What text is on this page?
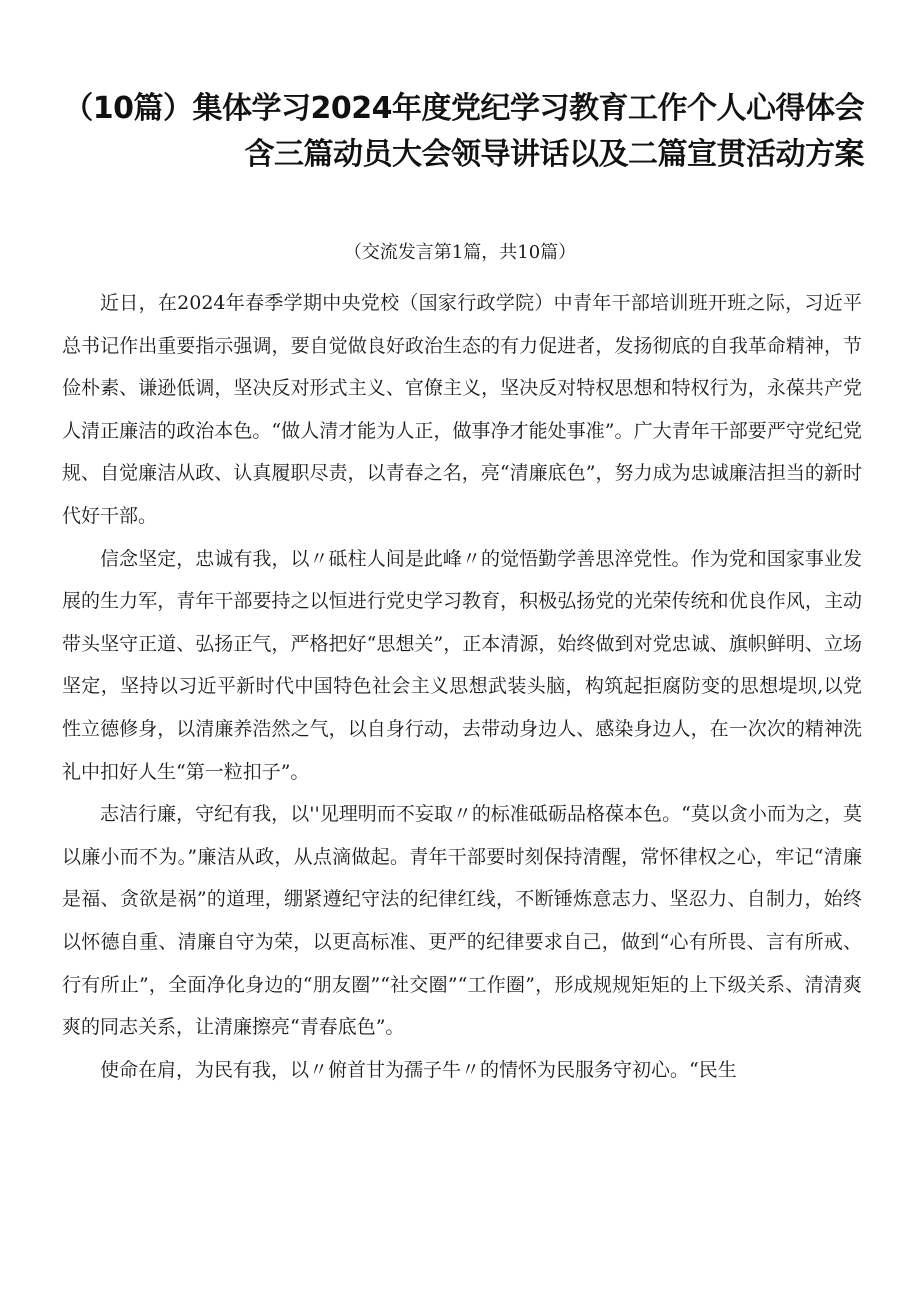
（10篇）集体学习2024年度党纪学习教育工作个人心得体会
含三篇动员大会领导讲话以及二篇宣贯活动方案
（交流发言第1篇，共10篇）

近日，在2024年春季学期中央党校（国家行政学院）中青年干部培训班开班之际，习近平总书记作出重要指示强调，要自觉做良好政治生态的有力促进者，发扬彻底的自我革命精神，节俭朴素、谦逊低调，坚决反对形式主义、官僚主义，坚决反对特权思想和特权行为，永葆共产党人清正廉洁的政治本色。“做人清才能为人正，做事净才能处事准”。广大青年干部要严守党纪党规、自觉廉洁从政、认真履职尽责，以青春之名，亮“清廉底色”，努力成为忠诚廉洁担当的新时代好干部。

信念坚定，忠诚有我，以〃砥柱人间是此峰〃的觉悟勤学善思淬党性。作为党和国家事业发展的生力军，青年干部要持之以恒进行党史学习教育，积极弘扬党的光荣传统和优良作风，主动带头坚守正道、弘扬正气，严格把好“思想关”，正本清源，始终做到对党忠诚、旗帜鲜明、立场坚定，坚持以习近平新时代中国特色社会主义思想武装头脑，构筑起拒腐防变的思想堤坝,以党性立德修身，以清廉养浩然之气，以自身行动，去带动身边人、感染身边人，在一次次的精神洗礼中扣好人生“第一粒扣子”。

志洁行廉，守纪有我，以''见理明而不妄取〃的标准砥砺品格葆本色。“莫以贪小而为之，莫以廉小而不为。”廉洁从政，从点滴做起。青年干部要时刻保持清醒，常怀律权之心，牢记“清廉是福、贪欲是祸”的道理，绷紧遵纪守法的纪律红线，不断锤炼意志力、坚忍力、自制力，始终以怀德自重、清廉自守为荣，以更高标准、更严的纪律要求自己，做到“心有所畏、言有所戒、行有所止”，全面净化身边的“朋友圈”“社交圈”“工作圈”，形成规规矩矩的上下级关系、清清爽爽的同志关系，让清廉擦亮“青春底色”。

使命在肩，为民有我，以〃俯首甘为孺子牛〃的情怀为民服务守初心。“民生
